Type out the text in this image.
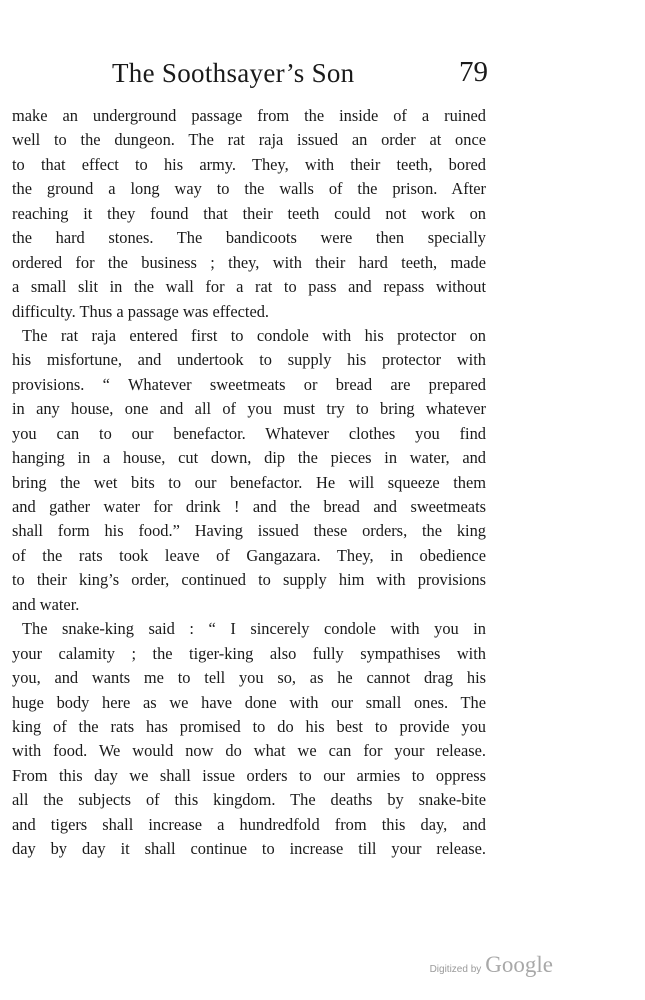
The Soothsayer’s Son	79
make an underground passage from the inside of a ruined
well to the dungeon. The rat raja issued an order at once
to that effect to his army. They, with their teeth, bored
the ground a long way to the walls of the prison. After
reaching it they found that their teeth could not work on
the hard stones. The bandicoots were then specially
ordered for the business ; they, with their hard teeth, made
a small slit in the wall for a rat to pass and repass without
difficulty. Thus a passage was effected.
The rat raja entered first to condole with his protector on
his misfortune, and undertook to supply his protector with
provisions. “ Whatever sweetmeats or bread are prepared
in any house, one and all of you must try to bring whatever
you can to our benefactor. Whatever clothes you find
hanging in a house, cut down, dip the pieces in water, and
bring the wet bits to our benefactor. He will squeeze them
and gather water for drink ! and the bread and sweetmeats
shall form his food.” Having issued these orders, the king
of the rats took leave of Gangazara. They, in obedience
to their king’s order, continued to supply him with provisions
and water.
The snake-king said : “ I sincerely condole with you in
your calamity ; the tiger-king also fully sympathises with
you, and wants me to tell you so, as he cannot drag his
huge body here as we have done with our small ones. The
king of the rats has promised to do his best to provide you
with food. We would now do what we can for your release.
From this day we shall issue orders to our armies to oppress
all the subjects of this kingdom. The deaths by snake-bite
and tigers shall increase a hundredfold from this day, and
day by day it shall continue to increase till your release.
Digitized by Google
